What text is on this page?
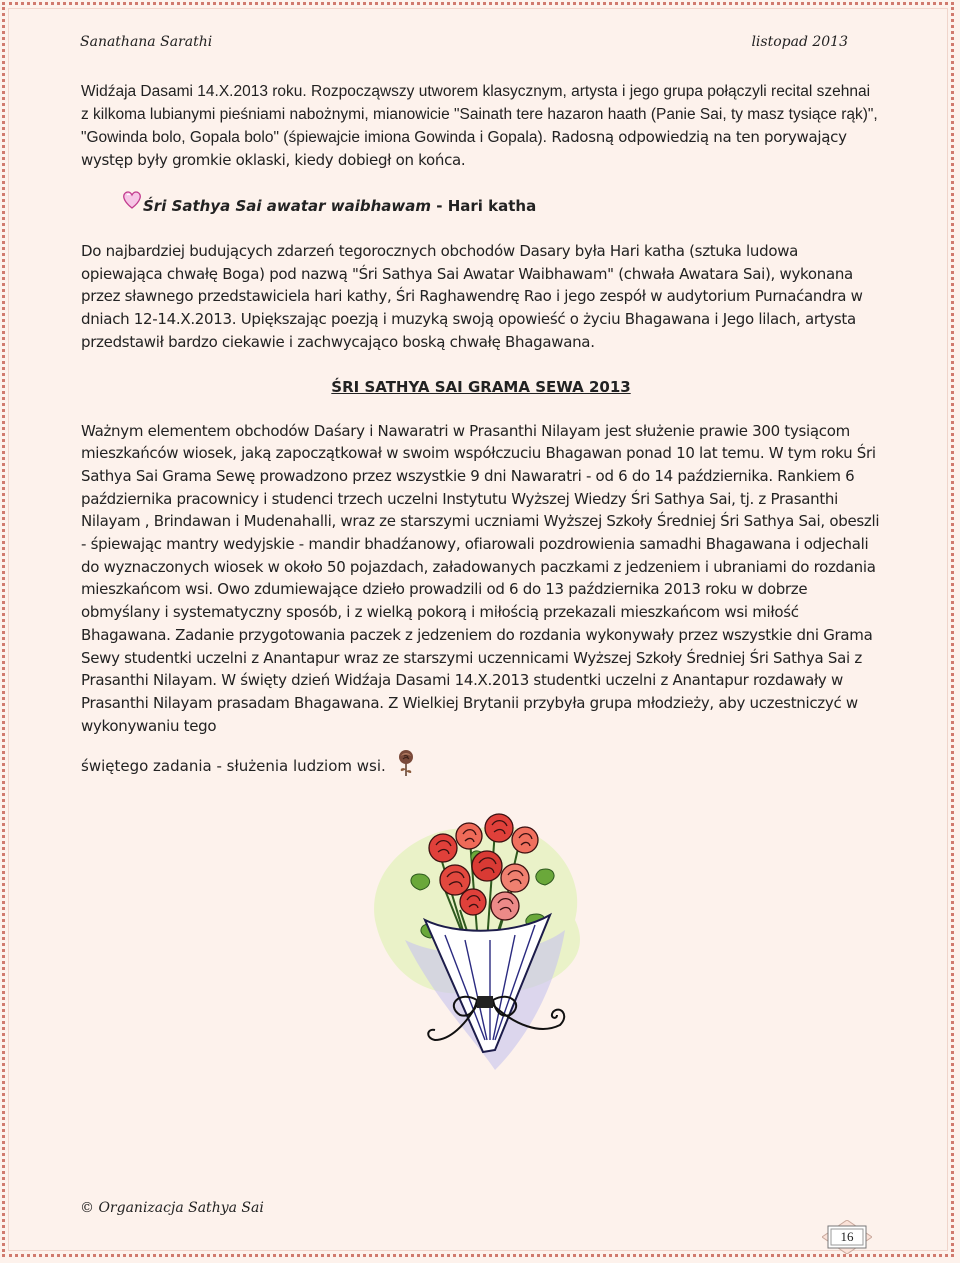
Sanathana Sarathi	listopad 2013

Widźaja Dasami 14.X.2013 roku. Rozpocząwszy utworem klasycznym, artysta i jego grupa połączyli recital szehnai z kilkoma lubianymi pieśniami nabożnymi, mianowicie "Sainath tere hazaron haath (Panie Sai, ty masz tysiące rąk)", "Gowinda bolo, Gopala bolo" (śpiewajcie imiona Gowinda i Gopala). Radosną odpowiedzią na ten porywający występ były gromkie oklaski, kiedy dobiegł on końca.

Śri Sathya Sai awatar waibhawam - Hari katha

Do najbardziej budujących zdarzeń tegorocznych obchodów Dasary była Hari katha (sztuka ludowa opiewająca chwałę Boga) pod nazwą "Śri Sathya Sai Awatar Waibhawam" (chwała Awatara Sai), wykonana przez sławnego przedstawiciela hari kathy, Śri Raghawendrę Rao i jego zespół w audytorium Purnaćandra w dniach 12-14.X.2013. Upiększając poezją i muzyką swoją opowieść o życiu Bhagawana i Jego lilach, artysta przedstawił bardzo ciekawie i zachwycająco boską chwałę Bhagawana.

ŚRI SATHYA SAI GRAMA SEWA 2013

Ważnym elementem obchodów Daśary i Nawaratri w Prasanthi Nilayam jest służenie prawie 300 tysiącom mieszkańców wiosek, jaką zapoczątkował w swoim współczuciu Bhagawan ponad 10 lat temu. W tym roku Śri Sathya Sai Grama Sewę prowadzono przez wszystkie 9 dni Nawaratri - od 6 do 14 października. Rankiem 6 października pracownicy i studenci trzech uczelni Instytutu Wyższej Wiedzy Śri Sathya Sai, tj. z Prasanthi Nilayam , Brindawan i Mudenahalli, wraz ze starszymi uczniami Wyższej Szkoły Średniej Śri Sathya Sai, obeszli - śpiewając mantry wedyjskie - mandir bhadźanowy, ofiarowali pozdrowienia samadhi Bhagawana i odjechali do wyznaczonych wiosek w około 50 pojazdach, załadowanych paczkami z jedzeniem i ubraniami do rozdania mieszkańcom wsi. Owo zdumiewające dzieło prowadzili od 6 do 13 października 2013 roku w dobrze obmyślany i systematyczny sposób, i z wielką pokorą i miłością przekazali mieszkańcom wsi miłość Bhagawana. Zadanie przygotowania paczek z jedzeniem do rozdania wykonywały przez wszystkie dni Grama Sewy studentki uczelni z Anantapur wraz ze starszymi uczennicami Wyższej Szkoły Średniej Śri Sathya Sai z Prasanthi Nilayam. W święty dzień Widźaja Dasami 14.X.2013 studentki uczelni z Anantapur rozdawały w Prasanthi Nilayam prasadam Bhagawana. Z Wielkiej Brytanii przybyła grupa młodzieży, aby uczestniczyć w wykonywaniu tego

świętego zadania - służenia ludziom wsi.
© Organizacja Sathya Sai
16
